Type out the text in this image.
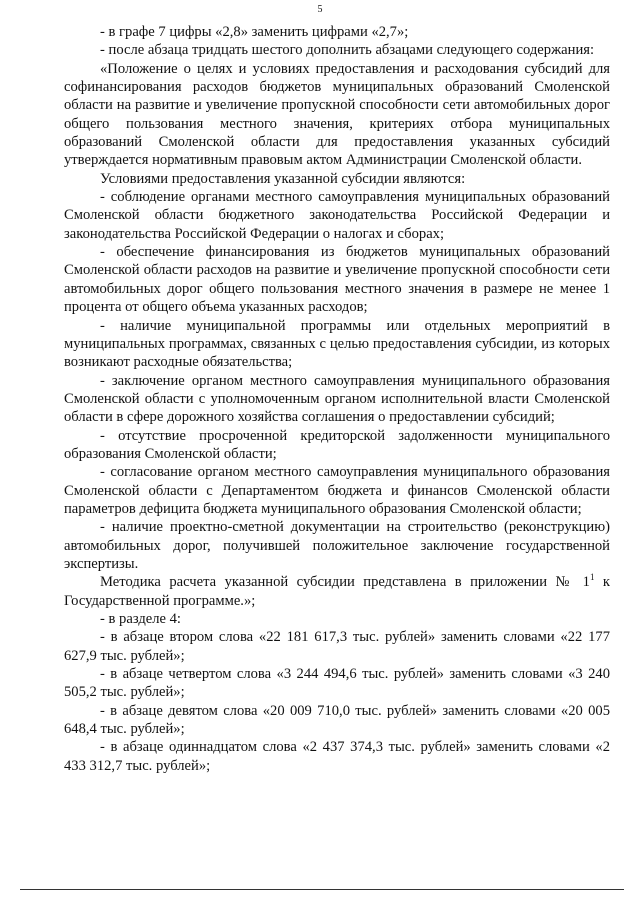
5

- в графе 7 цифры «2,8» заменить цифрами «2,7»;

- после абзаца тридцать шестого дополнить абзацами следующего содержания:

«Положение о целях и условиях предоставления и расходования субсидий для софинансирования расходов бюджетов муниципальных образований Смоленской области на развитие и увеличение пропускной способности сети автомобильных дорог общего пользования местного значения, критериях отбора муниципальных образований Смоленской области для предоставления указанных субсидий утверждается нормативным правовым актом Администрации Смоленской области.

Условиями предоставления указанной субсидии являются:

- соблюдение органами местного самоуправления муниципальных образований Смоленской области бюджетного законодательства Российской Федерации и законодательства Российской Федерации о налогах и сборах;

- обеспечение финансирования из бюджетов муниципальных образований Смоленской области расходов на развитие и увеличение пропускной способности сети автомобильных дорог общего пользования местного значения в размере не менее 1 процента от общего объема указанных расходов;

- наличие муниципальной программы или отдельных мероприятий в муниципальных программах, связанных с целью предоставления субсидии, из которых возникают расходные обязательства;

- заключение органом местного самоуправления муниципального образования Смоленской области с уполномоченным органом исполнительной власти Смоленской области в сфере дорожного хозяйства соглашения о предоставлении субсидий;

- отсутствие просроченной кредиторской задолженности муниципального образования Смоленской области;

- согласование органом местного самоуправления муниципального образования Смоленской области с Департаментом бюджета и финансов Смоленской области параметров дефицита бюджета муниципального образования Смоленской области;

- наличие проектно-сметной документации на строительство (реконструкцию) автомобильных дорог, получившей положительное заключение государственной экспертизы.

Методика расчета указанной субсидии представлена в приложении № $1^1$ к Государственной программе.»;

- в разделе 4:

- в абзаце втором слова «22 181 617,3 тыс. рублей» заменить словами «22 177 627,9 тыс. рублей»;

- в абзаце четвертом слова «3 244 494,6 тыс. рублей» заменить словами «3 240 505,2 тыс. рублей»;

- в абзаце девятом слова «20 009 710,0 тыс. рублей» заменить словами «20 005 648,4 тыс. рублей»;

- в абзаце одиннадцатом слова «2 437 374,3 тыс. рублей» заменить словами «2 433 312,7 тыс. рублей»;
